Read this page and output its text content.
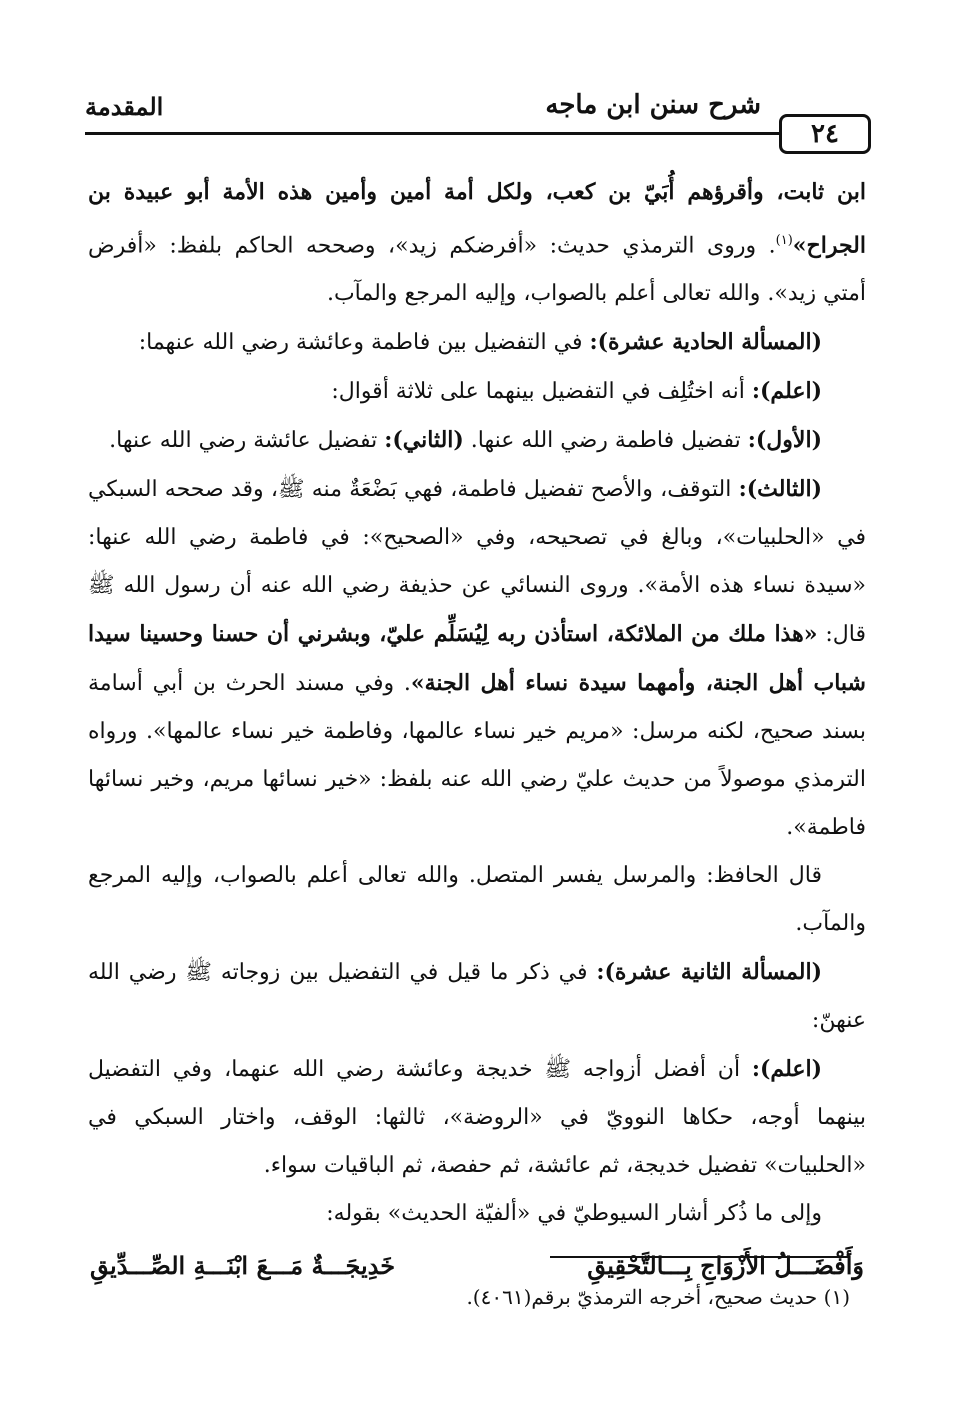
٢٤
شرح سنن ابن ماجه
المقدمة

ابن ثابت، وأقرؤهم أُبَيّ بن كعب، ولكل أمة أمين وأمين هذه الأمة أبو عبيدة بن الجراح»$^{(١)}$. وروى الترمذي حديث: «أفرضكم زيد»، وصححه الحاكم بلفظ: «أفرض أمتي زيد». والله تعالى أعلم بالصواب، وإليه المرجع والمآب.

(المسألة الحادية عشرة): في التفضيل بين فاطمة وعائشة رضي الله عنهما:

(اعلم): أنه اختُلِف في التفضيل بينهما على ثلاثة أقوال:

(الأول): تفضيل فاطمة رضي الله عنها. (الثاني): تفضيل عائشة رضي الله عنها.

(الثالث): التوقف، والأصح تفضيل فاطمة، فهي بَضْعَةٌ منه ﷺ، وقد صححه السبكي في «الحلبيات»، وبالغ في تصحيحه، وفي «الصحيح»: في فاطمة رضي الله عنها: «سيدة نساء هذه الأمة». وروى النسائي عن حذيفة رضي الله عنه أن رسول الله ﷺ قال: «هذا ملك من الملائكة، استأذن ربه لِيُسَلِّم عليّ، وبشرني أن حسنا وحسينا سيدا شباب أهل الجنة، وأمهما سيدة نساء أهل الجنة». وفي مسند الحرث بن أبي أسامة بسند صحيح، لكنه مرسل: «مريم خير نساء عالمها، وفاطمة خير نساء عالمها». ورواه الترمذي موصولاً من حديث عليّ رضي الله عنه بلفظ: «خير نسائها مريم، وخير نسائها فاطمة».

قال الحافظ: والمرسل يفسر المتصل. والله تعالى أعلم بالصواب، وإليه المرجع والمآب.

(المسألة الثانية عشرة): في ذكر ما قيل في التفضيل بين زوجاته ﷺ رضي الله عنهنّ:

(اعلم): أن أفضل أزواجه ﷺ خديجة وعائشة رضي الله عنهما، وفي التفضيل بينهما أوجه، حكاها النوويّ في «الروضة»، ثالثها: الوقف، واختار السبكي في «الحلبيات» تفضيل خديجة، ثم عائشة، ثم حفصة، ثم الباقيات سواء.

وإلى ما ذُكر أشار السيوطيّ في «ألفيّة الحديث» بقوله:

وَأَفْضَـــلُ الأَزْوَاجِ بِـــالتَّحْقِيقِ
خَدِيجَـــةٌ مَـــعَ ابْنَـــةِ الصِّـــدِّيقِ
(١) حديث صحيح، أخرجه الترمذيّ برقم(٤٠٦١).
